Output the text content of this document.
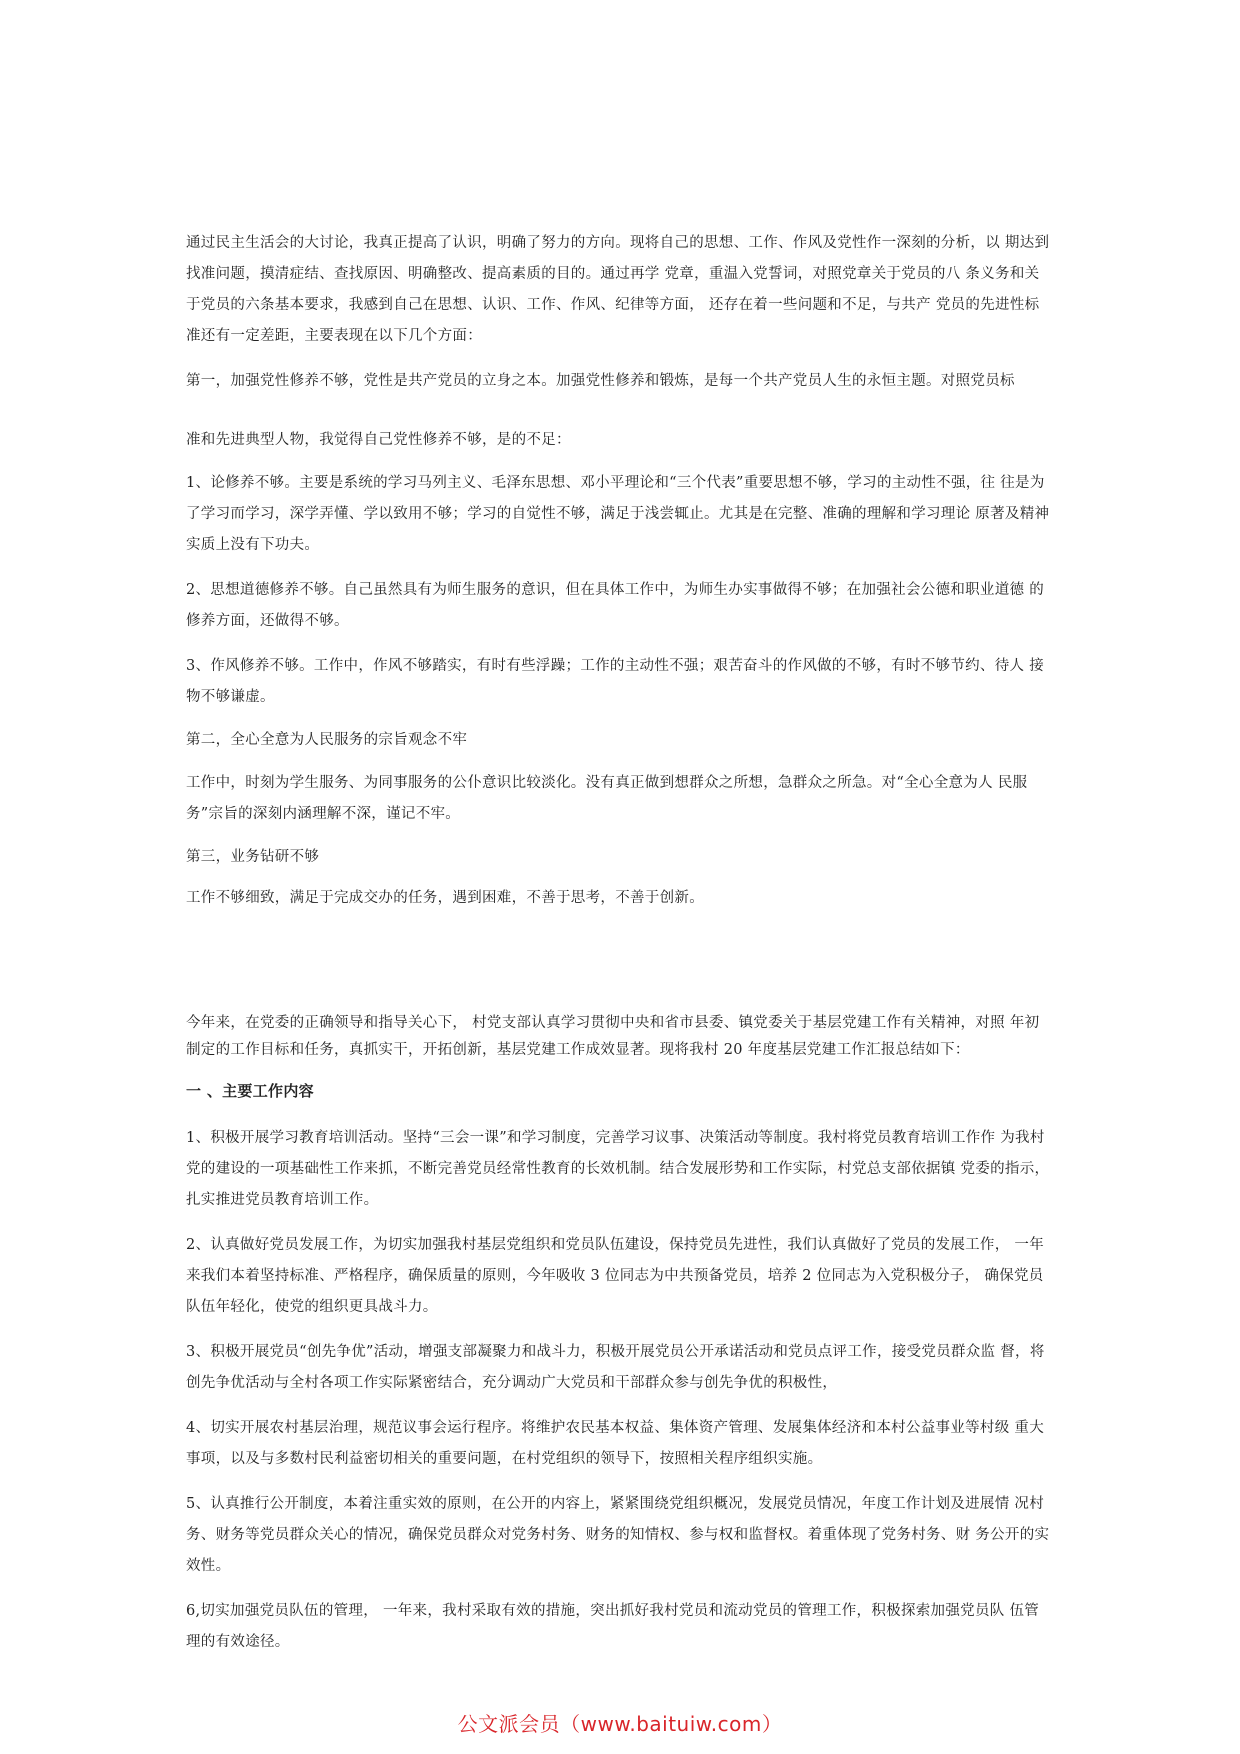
通过民主生活会的大讨论，我真正提高了认识，明确了努力的方向。现将自己的思想、工作、作风及党性作一深刻的分析，以 期达到找准问题，摸清症结、查找原因、明确整改、提高素质的目的。通过再学 党章，重温入党誓词，对照党章关于党员的八 条义务和关于党员的六条基本要求，我感到自己在思想、认识、工作、作风、纪律等方面， 还存在着一些问题和不足，与共产 党员的先进性标准还有一定差距，主要表现在以下几个方面：

第一，加强党性修养不够，党性是共产党员的立身之本。加强党性修养和锻炼，是每一个共产党员人生的永恒主题。对照党员标

准和先进典型人物，我觉得自己党性修养不够，是的不足：

1、论修养不够。主要是系统的学习马列主义、毛泽东思想、邓小平理论和“三个代表”重要思想不够，学习的主动性不强，往 往是为了学习而学习，深学弄懂、学以致用不够；学习的自觉性不够，满足于浅尝辄止。尤其是在完整、准确的理解和学习理论 原著及精神实质上没有下功夫。

2、思想道德修养不够。自己虽然具有为师生服务的意识，但在具体工作中，为师生办实事做得不够；在加强社会公德和职业道德 的修养方面，还做得不够。

3、作风修养不够。工作中，作风不够踏实，有时有些浮躁；工作的主动性不强；艰苦奋斗的作风做的不够，有时不够节约、待人 接物不够谦虚。

第二，全心全意为人民服务的宗旨观念不牢

工作中，时刻为学生服务、为同事服务的公仆意识比较淡化。没有真正做到想群众之所想，急群众之所急。对“全心全意为人 民服务”宗旨的深刻内涵理解不深，谨记不牢。

第三，业务钻研不够

工作不够细致，满足于完成交办的任务，遇到困难，不善于思考，不善于创新。

今年来，在党委的正确领导和指导关心下， 村党支部认真学习贯彻中央和省市县委、镇党委关于基层党建工作有关精神，对照 年初制定的工作目标和任务，真抓实干，开拓创新，基层党建工作成效显著。现将我村 20 年度基层党建工作汇报总结如下：

一 、主要工作内容

1、积极开展学习教育培训活动。坚持“三会一课”和学习制度，完善学习议事、决策活动等制度。我村将党员教育培训工作作 为我村党的建设的一项基础性工作来抓，不断完善党员经常性教育的长效机制。结合发展形势和工作实际，村党总支部依据镇 党委的指示，扎实推进党员教育培训工作。

2、认真做好党员发展工作，为切实加强我村基层党组织和党员队伍建设，保持党员先进性，我们认真做好了党员的发展工作， 一年来我们本着坚持标准、严格程序，确保质量的原则，今年吸收 3 位同志为中共预备党员，培养 2 位同志为入党积极分子， 确保党员队伍年轻化，使党的组织更具战斗力。

3、积极开展党员“创先争优”活动，增强支部凝聚力和战斗力，积极开展党员公开承诺活动和党员点评工作，接受党员群众监 督，将创先争优活动与全村各项工作实际紧密结合，充分调动广大党员和干部群众参与创先争优的积极性，

4、切实开展农村基层治理，规范议事会运行程序。将维护农民基本权益、集体资产管理、发展集体经济和本村公益事业等村级 重大事项，以及与多数村民利益密切相关的重要问题，在村党组织的领导下，按照相关程序组织实施。

5、认真推行公开制度，本着注重实效的原则，在公开的内容上，紧紧围绕党组织概况，发展党员情况，年度工作计划及进展情 况村务、财务等党员群众关心的情况，确保党员群众对党务村务、财务的知情权、参与权和监督权。着重体现了党务村务、财 务公开的实效性。

6,切实加强党员队伍的管理， 一年来，我村采取有效的措施，突出抓好我村党员和流动党员的管理工作，积极探索加强党员队 伍管理的有效途径。

公文派会员（www.baituiw.com）
